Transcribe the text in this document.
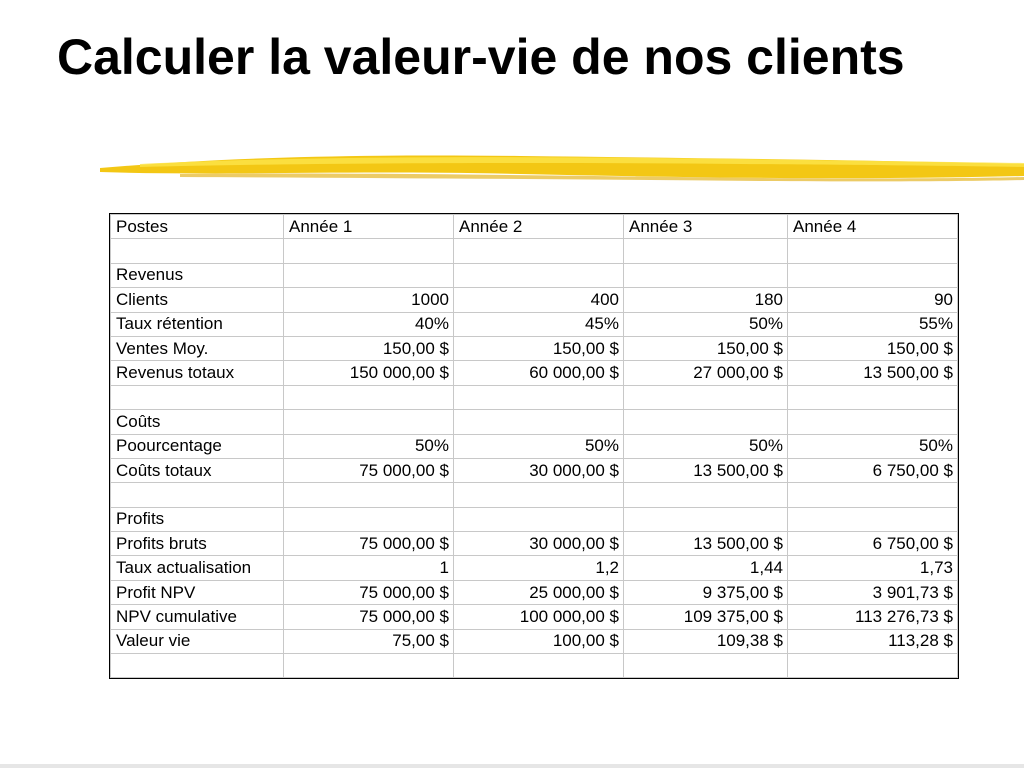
Calculer la valeur-vie de nos clients
Postes	Année 1	Année 2	Année 3	Année 4

Revenus				
Clients	1000	400	180	90
Taux rétention	40%	45%	50%	55%
Ventes Moy.	150,00 $	150,00 $	150,00 $	150,00 $
Revenus totaux	150 000,00 $	60 000,00 $	27 000,00 $	13 500,00 $

Coûts				
Poourcentage	50%	50%	50%	50%
Coûts totaux	75 000,00 $	30 000,00 $	13 500,00 $	6 750,00 $

Profits				
Profits bruts	75 000,00 $	30 000,00 $	13 500,00 $	6 750,00 $
Taux actualisation	1	1,2	1,44	1,73
Profit NPV	75 000,00 $	25 000,00 $	9 375,00 $	3 901,73 $
NPV cumulative	75 000,00 $	100 000,00 $	109 375,00 $	113 276,73 $
Valeur vie	75,00 $	100,00 $	109,38 $	113,28 $
